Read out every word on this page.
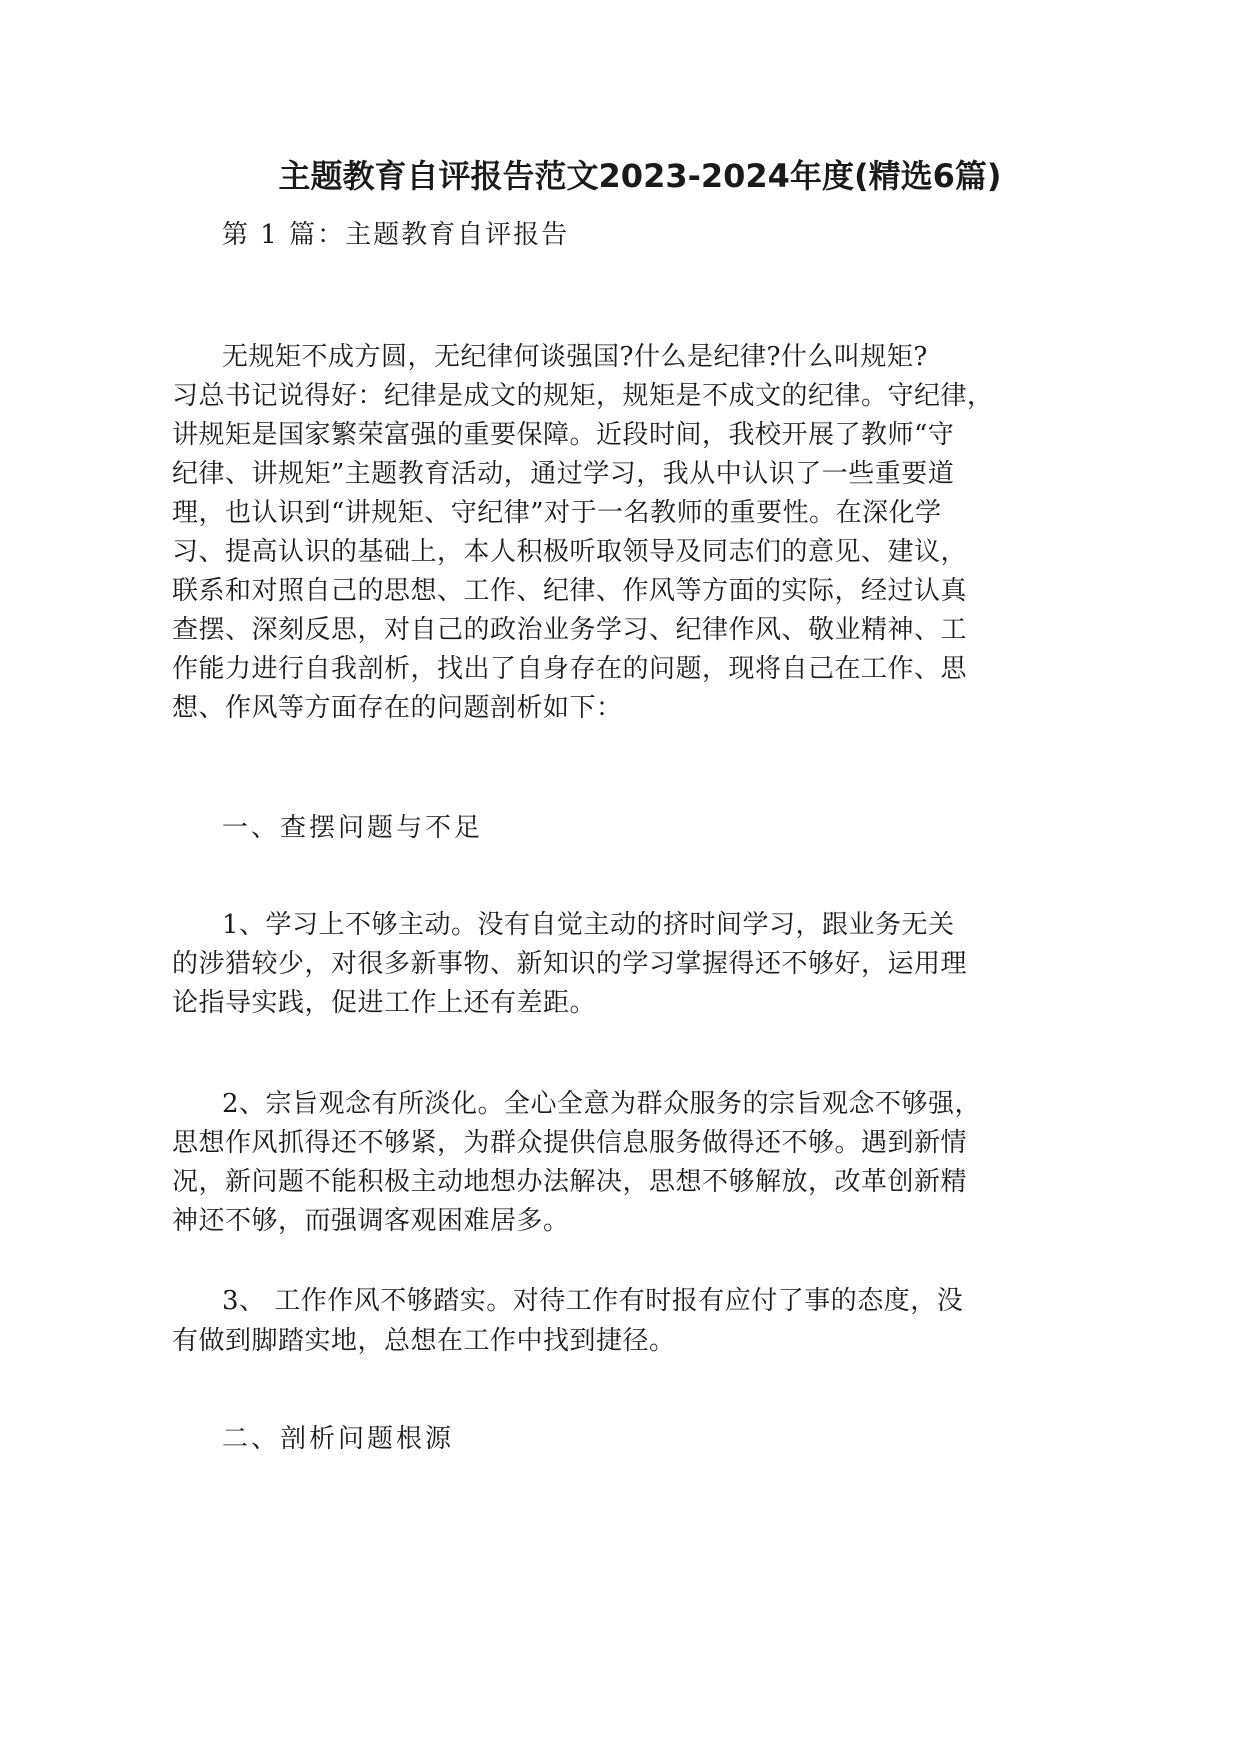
主题教育自评报告范文2023-2024年度(精选6篇)

第 1 篇：主题教育自评报告

无规矩不成方圆，无纪律何谈强国?什么是纪律?什么叫规矩?

习总书记说得好：纪律是成文的规矩，规矩是不成文的纪律。守纪律，

讲规矩是国家繁荣富强的重要保障。近段时间，我校开展了教师“守

纪律、讲规矩”主题教育活动，通过学习，我从中认识了一些重要道

理，也认识到“讲规矩、守纪律”对于一名教师的重要性。在深化学

习、提高认识的基础上，本人积极听取领导及同志们的意见、建议，

联系和对照自己的思想、工作、纪律、作风等方面的实际，经过认真

查摆、深刻反思，对自己的政治业务学习、纪律作风、敬业精神、工

作能力进行自我剖析，找出了自身存在的问题，现将自己在工作、思

想、作风等方面存在的问题剖析如下：

一、查摆问题与不足

1、学习上不够主动。没有自觉主动的挤时间学习，跟业务无关

的涉猎较少，对很多新事物、新知识的学习掌握得还不够好，运用理

论指导实践，促进工作上还有差距。

2、宗旨观念有所淡化。全心全意为群众服务的宗旨观念不够强，

思想作风抓得还不够紧，为群众提供信息服务做得还不够。遇到新情

况，新问题不能积极主动地想办法解决，思想不够解放，改革创新精

神还不够，而强调客观困难居多。

3、 工作作风不够踏实。对待工作有时报有应付了事的态度，没

有做到脚踏实地，总想在工作中找到捷径。

二、剖析问题根源
